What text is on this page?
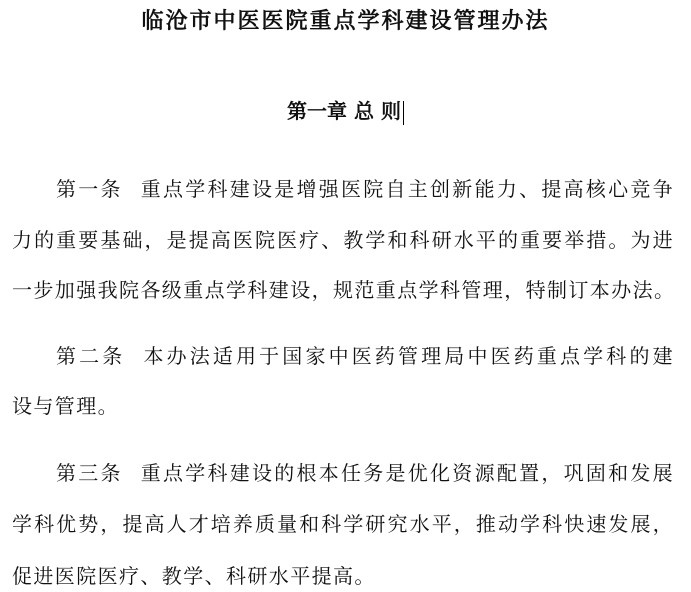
临沧市中医医院重点学科建设管理办法
第一章 总 则
第一条 重点学科建设是增强医院自主创新能力、提高核心竞争
力的重要基础，是提高医院医疗、教学和科研水平的重要举措。为进
一步加强我院各级重点学科建设，规范重点学科管理，特制订本办法。
第二条 本办法适用于国家中医药管理局中医药重点学科的建
设与管理。
第三条 重点学科建设的根本任务是优化资源配置，巩固和发展
学科优势，提高人才培养质量和科学研究水平，推动学科快速发展，
促进医院医疗、教学、科研水平提高。
